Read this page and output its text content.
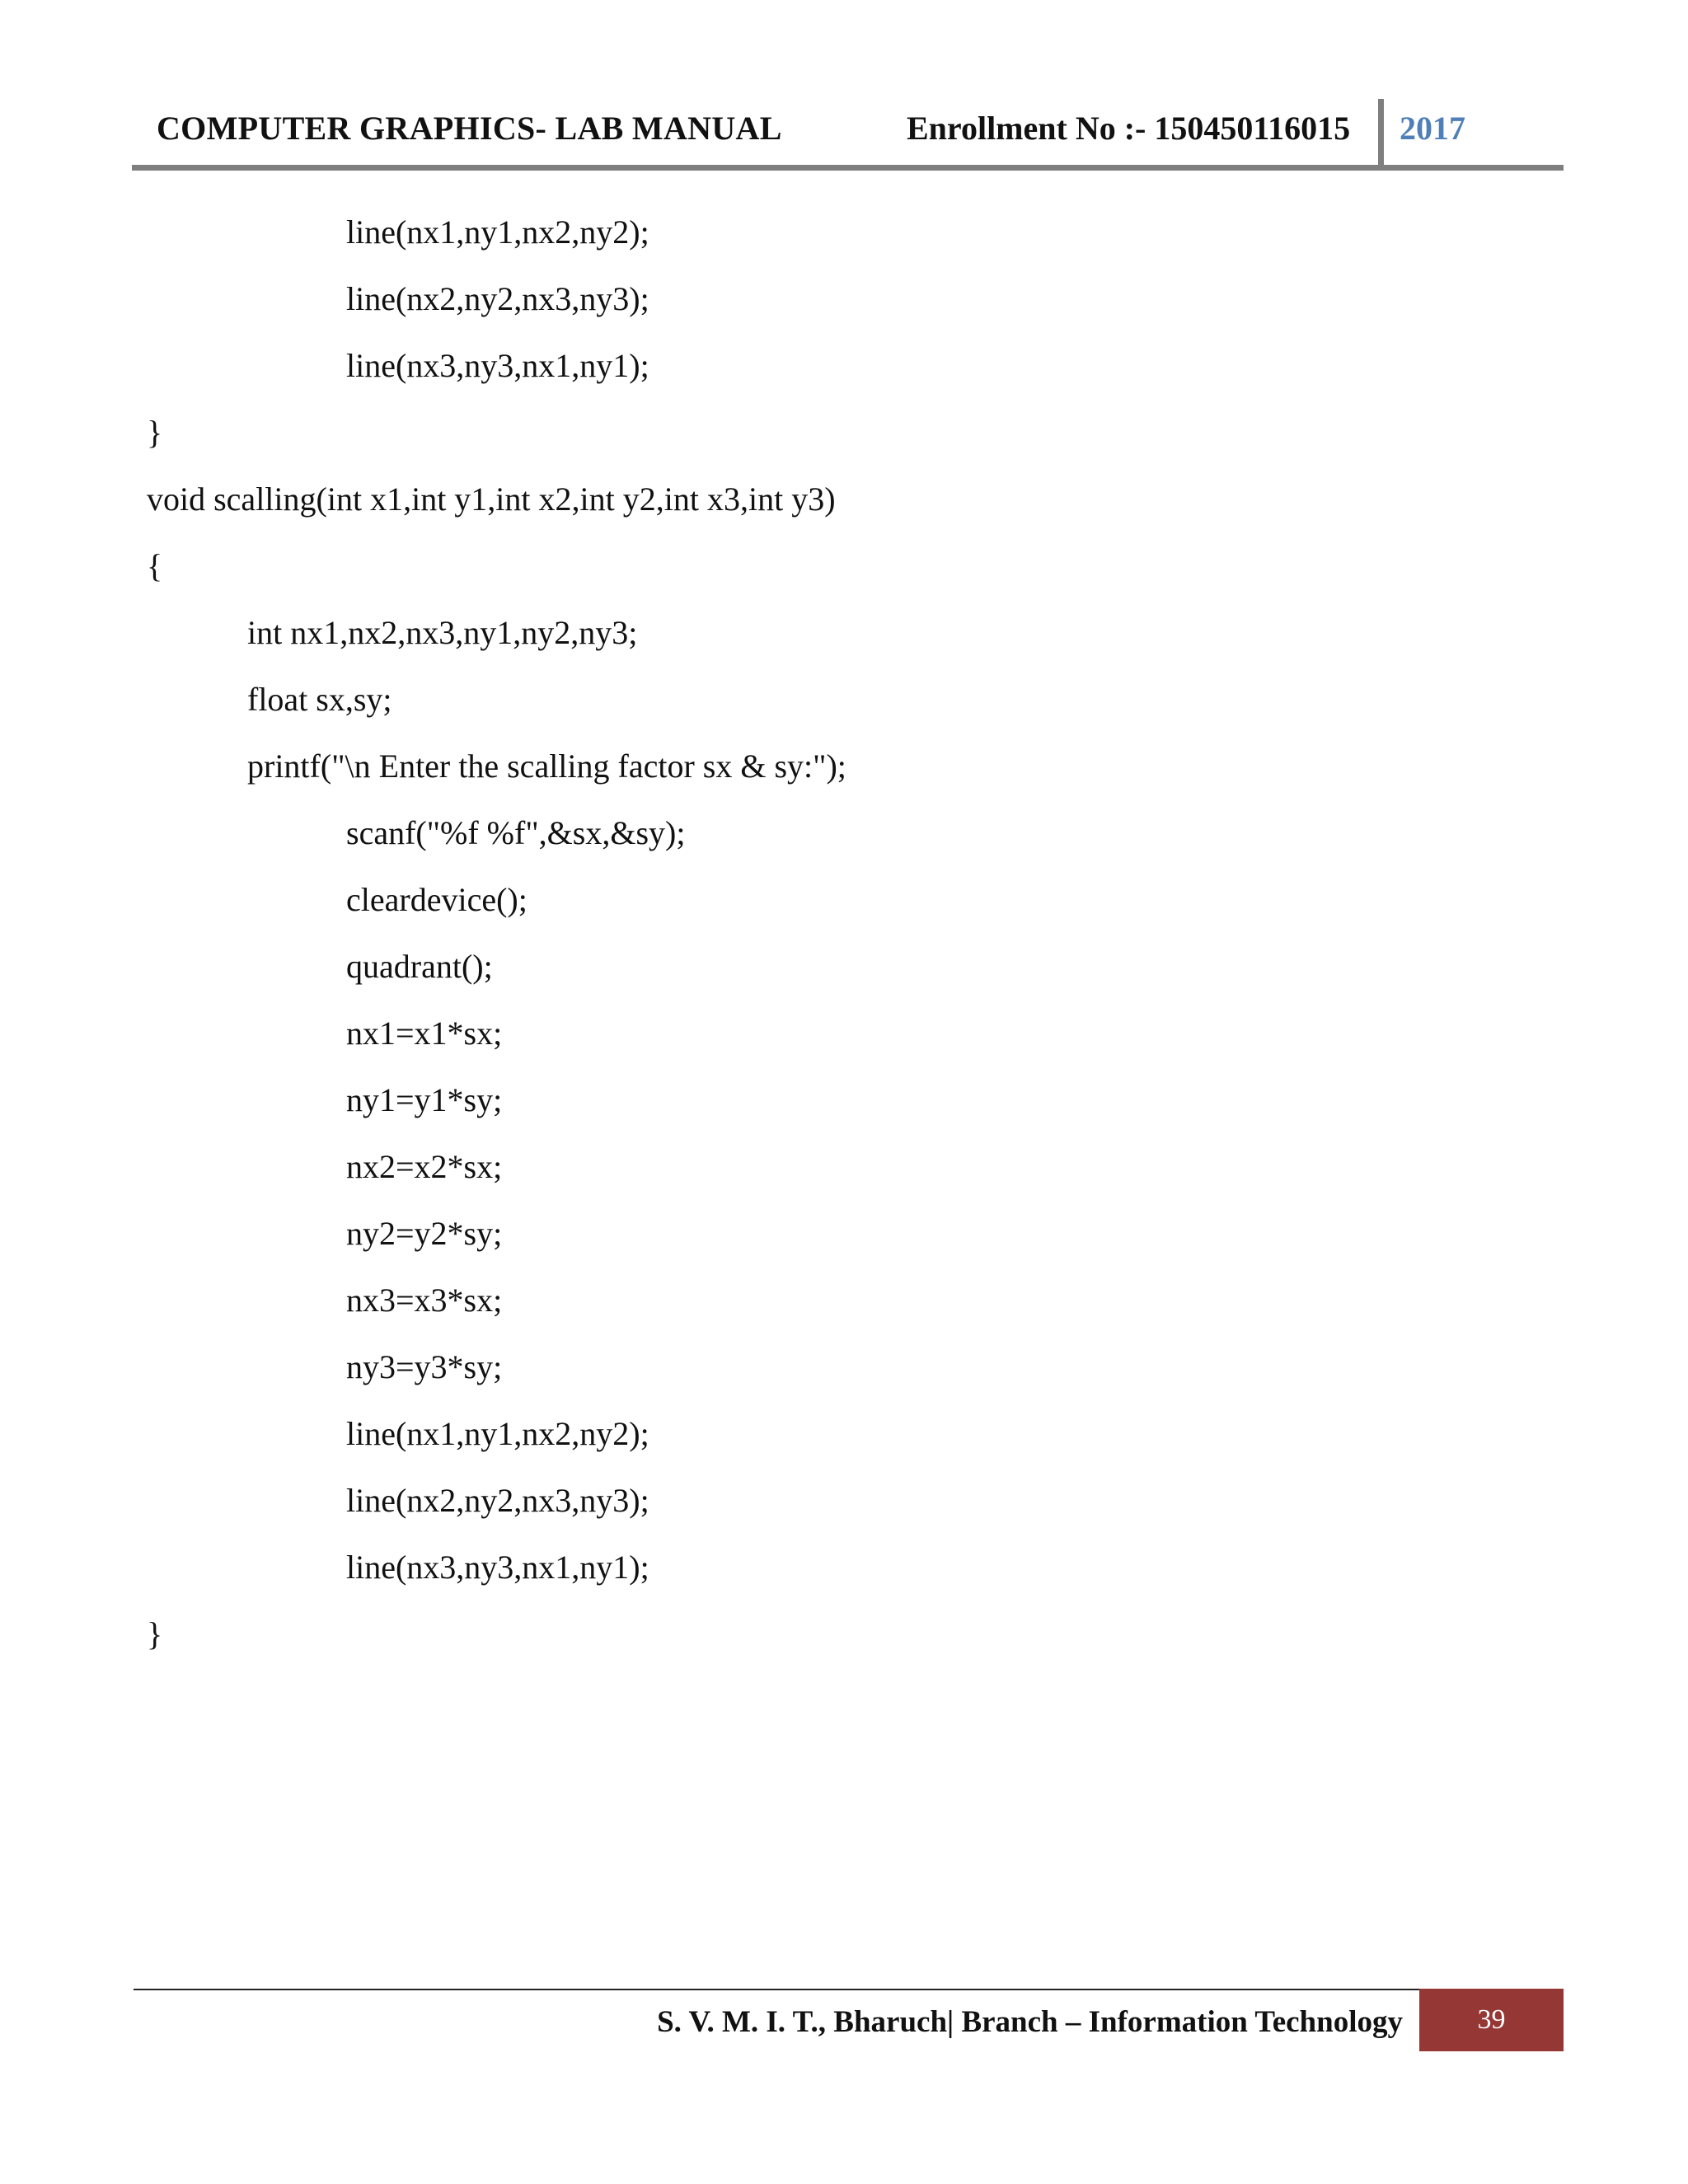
COMPUTER GRAPHICS- LAB MANUAL	Enrollment No :- 150450116015 2017
line(nx1,ny1,nx2,ny2);
line(nx2,ny2,nx3,ny3);
line(nx3,ny3,nx1,ny1);
}
void scalling(int x1,int y1,int x2,int y2,int x3,int y3)
{
int nx1,nx2,nx3,ny1,ny2,ny3;
float sx,sy;
printf("\n Enter the scalling factor sx & sy:");
scanf("%f %f",&sx,&sy);
cleardevice();
quadrant();
nx1=x1*sx;
ny1=y1*sy;
nx2=x2*sx;
ny2=y2*sy;
nx3=x3*sx;
ny3=y3*sy;
line(nx1,ny1,nx2,ny2);
line(nx2,ny2,nx3,ny3);
line(nx3,ny3,nx1,ny1);
}
S. V. M. I. T., Bharuch| Branch – Information Technology	39
